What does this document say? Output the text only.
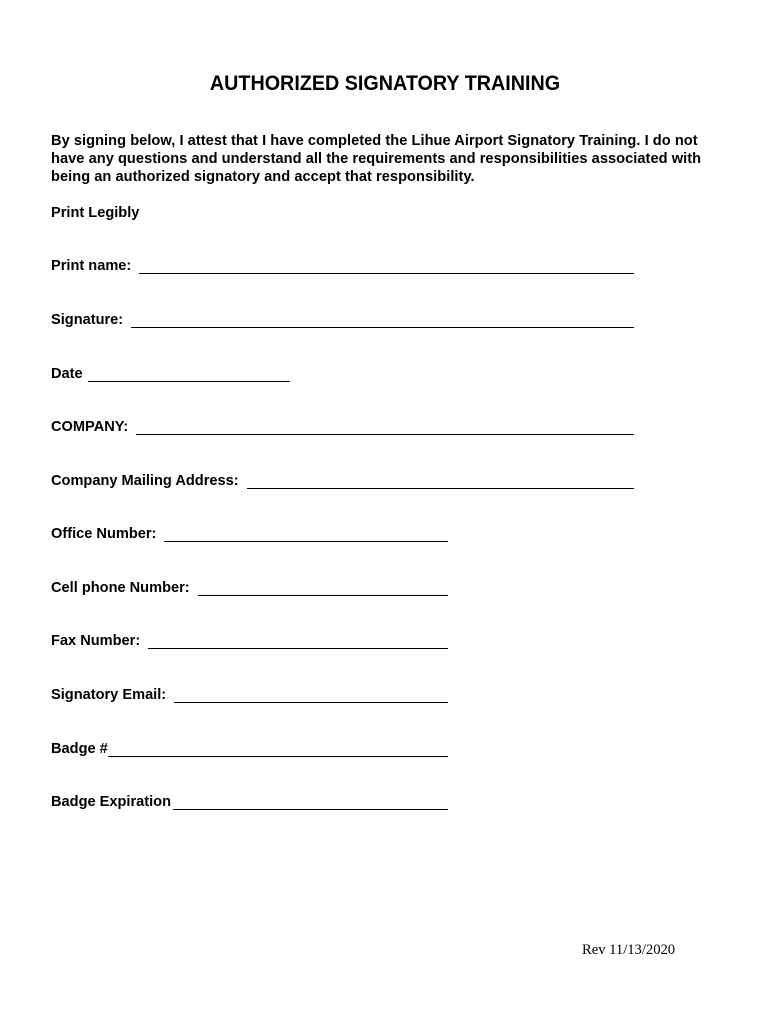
AUTHORIZED SIGNATORY TRAINING
By signing below, I attest that I have completed the Lihue Airport Signatory Training. I do not have any questions and understand all the requirements and responsibilities associated with being an authorized signatory and accept that responsibility.
Print Legibly
Print name:
Signature:
Date
COMPANY:
Company Mailing Address:
Office Number:
Cell phone Number:
Fax Number:
Signatory Email:
Badge #
Badge Expiration
Rev 11/13/2020
